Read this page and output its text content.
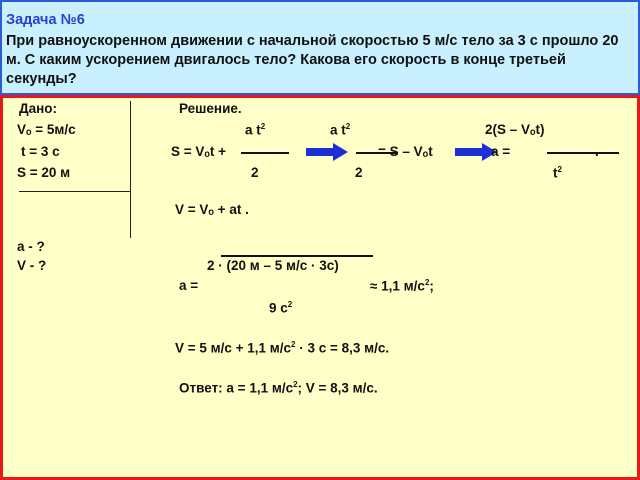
Задача №6
При равноускоренном движении с начальной скоростью 5 м/с тело за 3 с прошло 20 м. С каким ускорением двигалось тело? Какова его скорость в конце третьей секунды?
Дано:
Vₒ = 5м/с
t = 3 с
S = 20 м
а - ?
V - ?
Решение.
a $t^2$
S = Vₒt +
2
a $t^2$
= S – Vₒt
2
2(S – Vₒt)
a =	.
$t^2$
V = Vₒ + at .
2 · (20 м – 5 м/с · 3с)
a =	≈ 1,1 $м/с^2$;
9 $с^2$
V = 5 м/с + 1,1 $м/с^2 \cdot 3$ с = 8,3 м/с.
Ответ: а = 1,1 $м/с^2$; V = 8,3 м/с.
